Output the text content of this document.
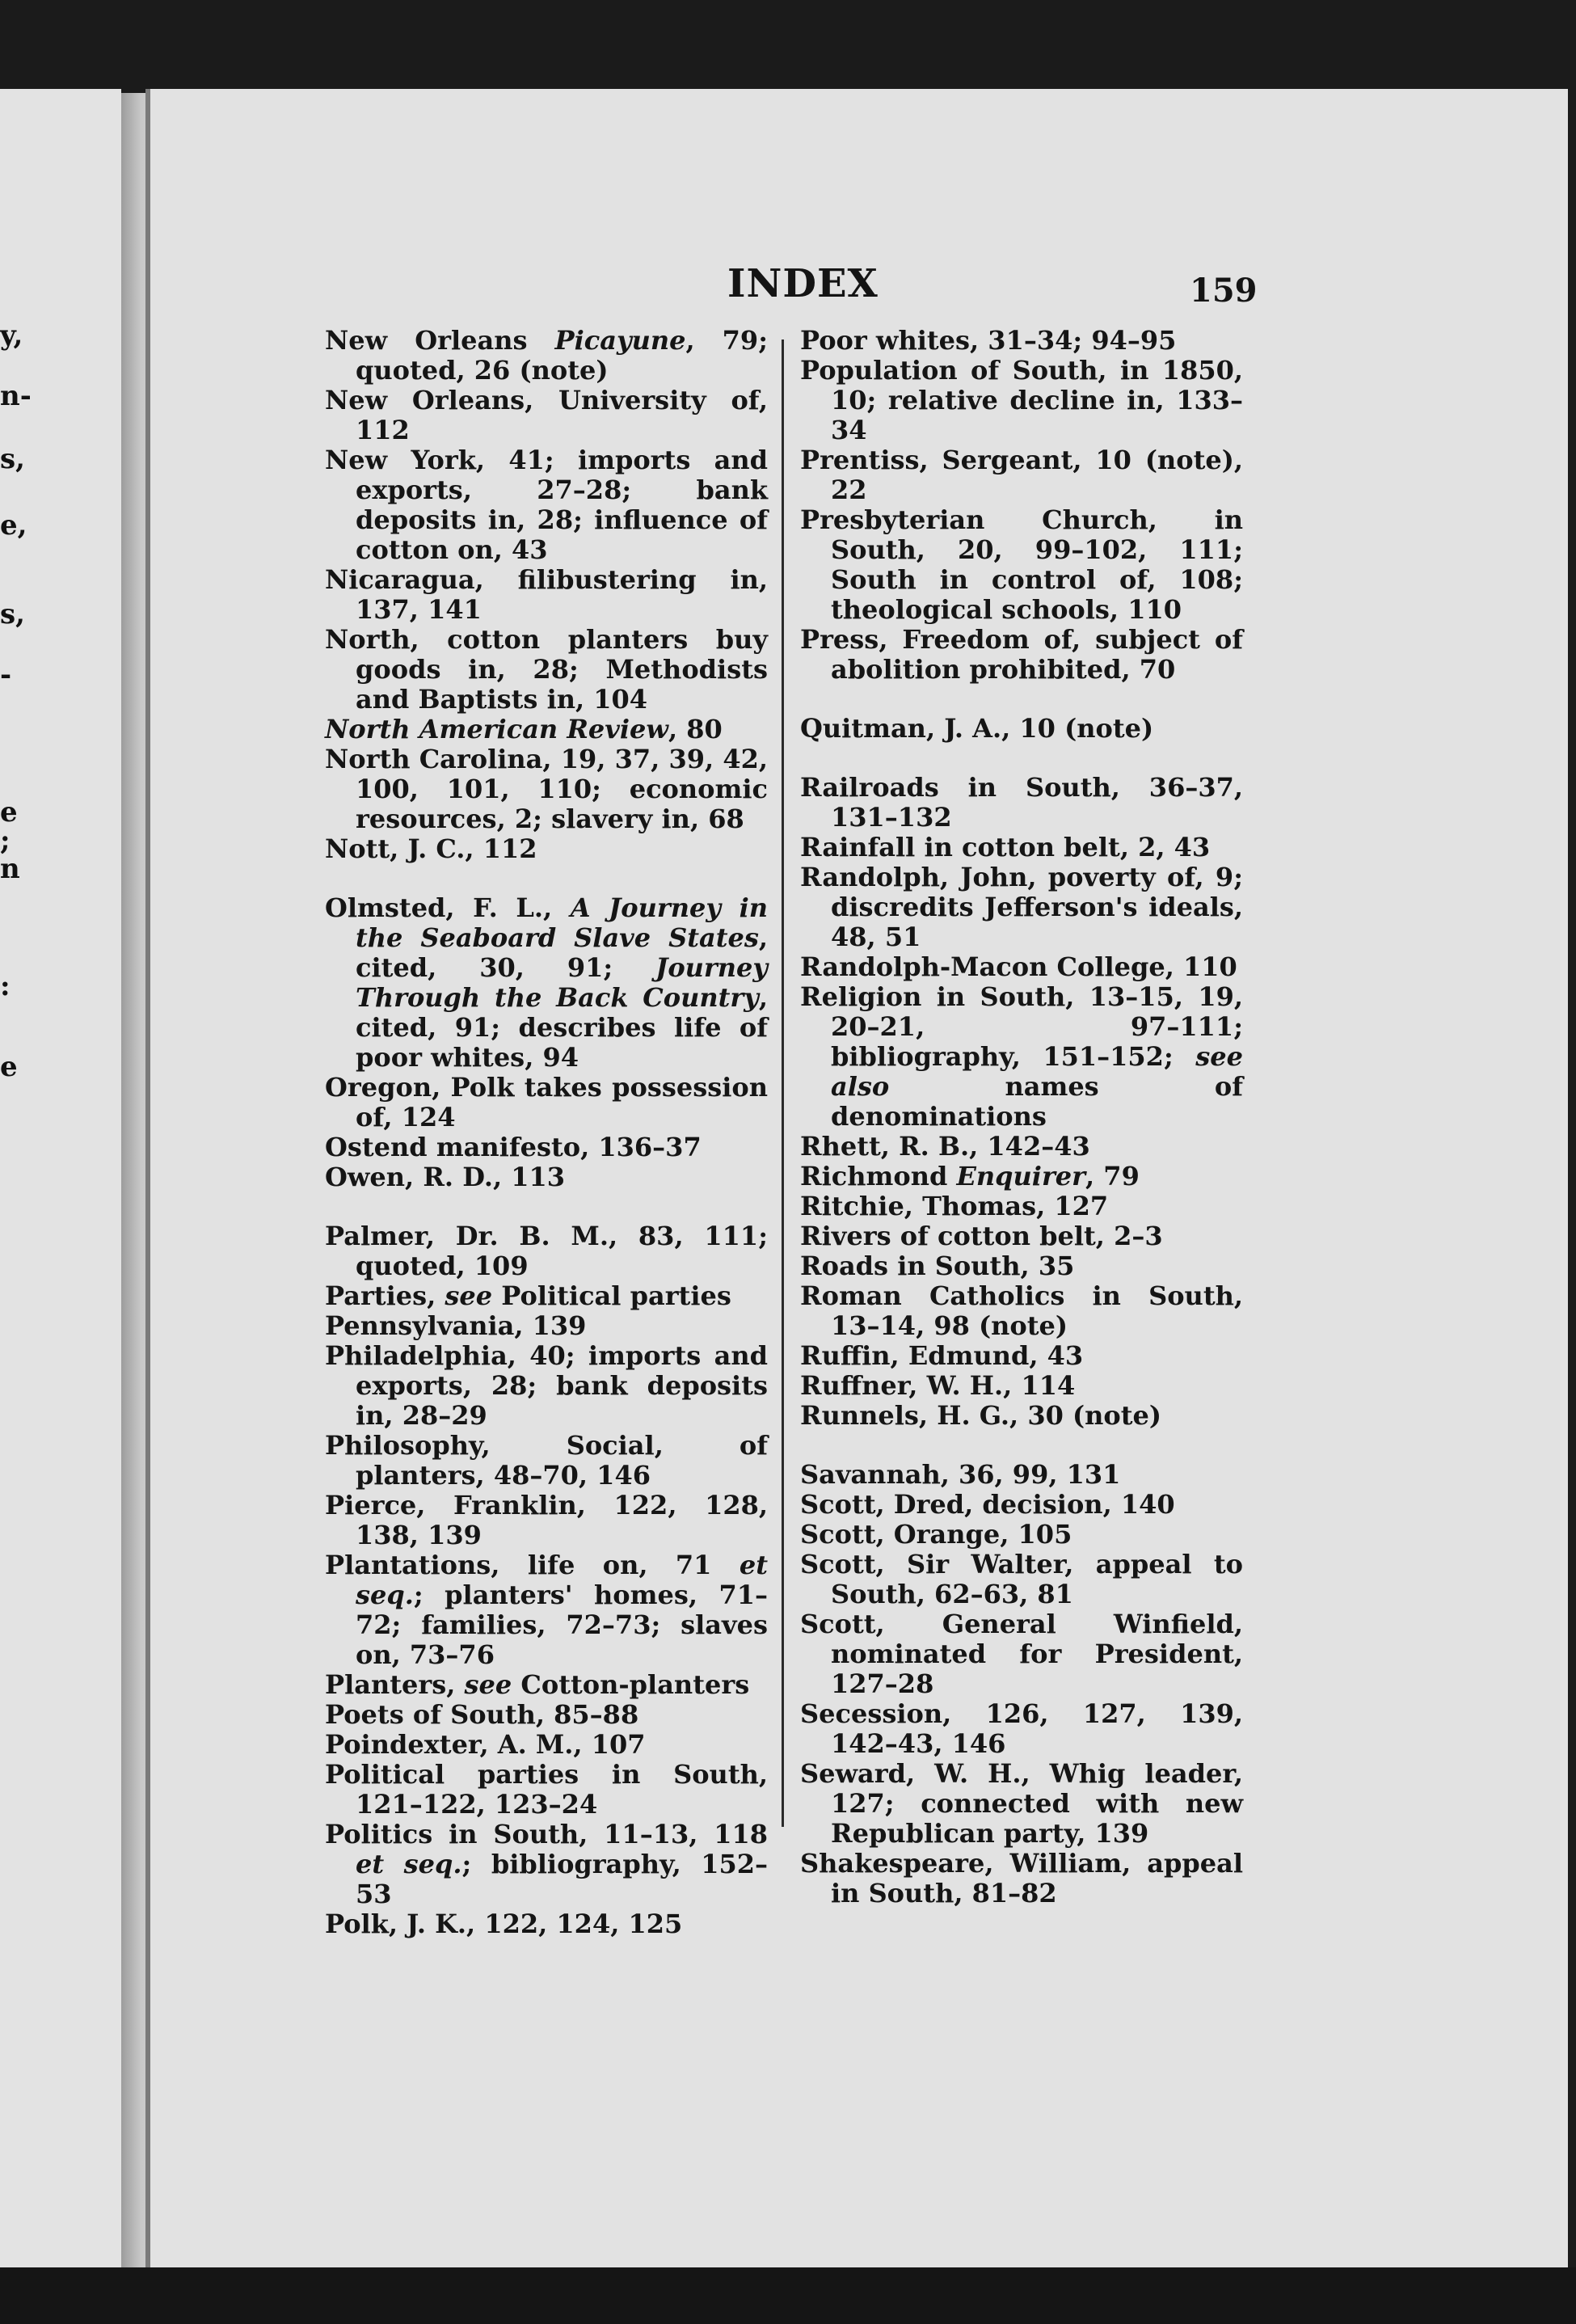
y,
n-
s,
e,
s,
-
e
;
n
:
e
INDEX	159

New Orleans Picayune, 79; quoted, 26 (note)

New Orleans, University of, 112

New York, 41; imports and exports, 27–28; bank deposits in, 28; influence of cotton on, 43

Nicaragua, filibustering in, 137, 141

North, cotton planters buy goods in, 28; Methodists and Baptists in, 104

North American Review, 80

North Carolina, 19, 37, 39, 42, 100, 101, 110; economic resources, 2; slavery in, 68

Nott, J. C., 112

Olmsted, F. L., A Journey in the Seaboard Slave States, cited, 30, 91; Journey Through the Back Country, cited, 91; describes life of poor whites, 94

Oregon, Polk takes possession of, 124

Ostend manifesto, 136–37

Owen, R. D., 113

Palmer, Dr. B. M., 83, 111; quoted, 109

Parties, see Political parties

Pennsylvania, 139

Philadelphia, 40; imports and exports, 28; bank deposits in, 28–29

Philosophy, Social, of planters, 48–70, 146

Pierce, Franklin, 122, 128, 138, 139

Plantations, life on, 71 et seq.; planters' homes, 71–72; families, 72–73; slaves on, 73–76

Planters, see Cotton-planters

Poets of South, 85–88

Poindexter, A. M., 107

Political parties in South, 121–122, 123–24

Politics in South, 11–13, 118 et seq.; bibliography, 152–53

Polk, J. K., 122, 124, 125

Poor whites, 31–34; 94–95

Population of South, in 1850, 10; relative decline in, 133–34

Prentiss, Sergeant, 10 (note), 22

Presbyterian Church, in South, 20, 99–102, 111; South in control of, 108; theological schools, 110

Press, Freedom of, subject of abolition prohibited, 70

Quitman, J. A., 10 (note)

Railroads in South, 36–37, 131–132

Rainfall in cotton belt, 2, 43

Randolph, John, poverty of, 9; discredits Jefferson's ideals, 48, 51

Randolph-Macon College, 110

Religion in South, 13–15, 19, 20–21, 97–111; bibliography, 151–152; see also names of denominations

Rhett, R. B., 142–43

Richmond Enquirer, 79

Ritchie, Thomas, 127

Rivers of cotton belt, 2–3

Roads in South, 35

Roman Catholics in South, 13–14, 98 (note)

Ruffin, Edmund, 43

Ruffner, W. H., 114

Runnels, H. G., 30 (note)

Savannah, 36, 99, 131

Scott, Dred, decision, 140

Scott, Orange, 105

Scott, Sir Walter, appeal to South, 62–63, 81

Scott, General Winfield, nominated for President, 127–28

Secession, 126, 127, 139, 142–43, 146

Seward, W. H., Whig leader, 127; connected with new Republican party, 139

Shakespeare, William, appeal in South, 81–82
